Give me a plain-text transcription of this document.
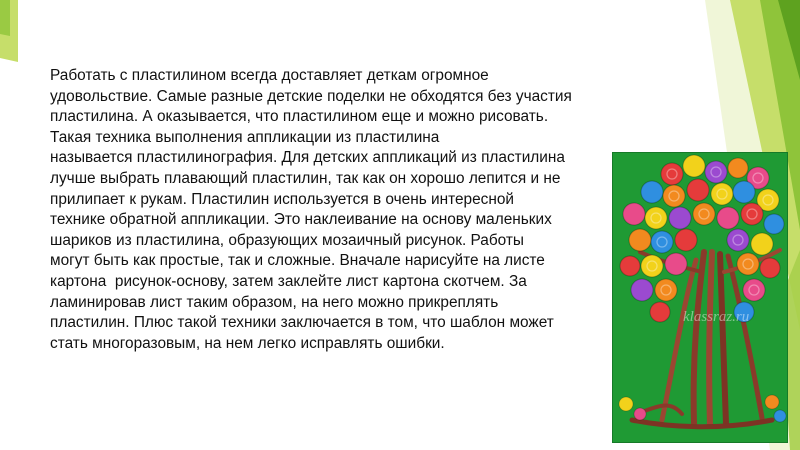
Работать с пластилином всегда доставляет деткам огромное
удовольствие. Самые разные детские поделки не обходятся без участия
пластилина. А оказывается, что пластилином еще и можно рисовать.
Такая техника выполнения аппликации из пластилина
называется пластилинография. Для детских аппликаций из пластилина
лучше выбрать плавающий пластилин, так как он хорошо лепится и не
прилипает к рукам. Пластилин используется в очень интересной
технике обратной аппликации. Это наклеивание на основу маленьких
шариков из пластилина, образующих мозаичный рисунок. Работы
могут быть как простые, так и сложные. Вначале нарисуйте на листе
картона  рисунок-основу, затем заклейте лист картона скотчем. За
ламинировав лист таким образом, на него можно прикреплять
пластилин. Плюс такой техники заключается в том, что шаблон может
стать многоразовым, на нем легко исправлять ошибки.
klassraz.ru
